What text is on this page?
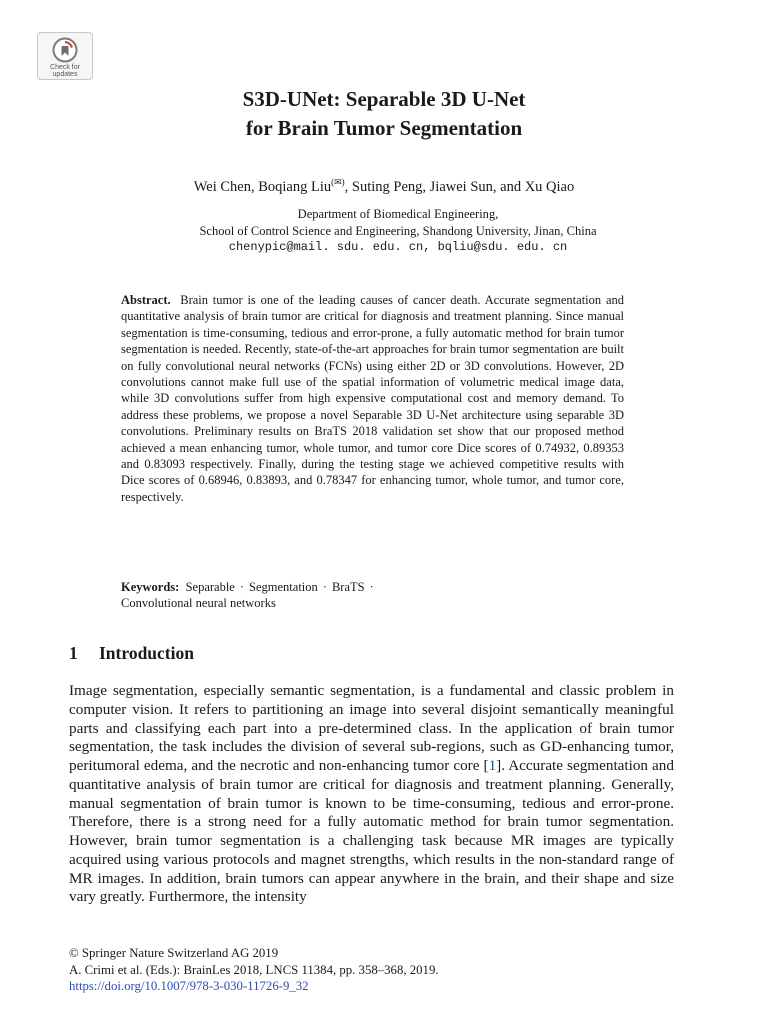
Check for updates
S3D-UNet: Separable 3D U-Net
for Brain Tumor Segmentation
Wei Chen, Boqiang Liu(✉), Suting Peng, Jiawei Sun, and Xu Qiao
Department of Biomedical Engineering,
School of Control Science and Engineering, Shandong University, Jinan, China
chenypic@mail. sdu. edu. cn, bqliu@sdu. edu. cn

Abstract. Brain tumor is one of the leading causes of cancer death. Accurate segmentation and quantitative analysis of brain tumor are critical for diagnosis and treatment planning. Since manual segmentation is time-consuming, tedious and error-prone, a fully automatic method for brain tumor segmentation is needed. Recently, state-of-the-art approaches for brain tumor segmentation are built on fully convolutional neural networks (FCNs) using either 2D or 3D convolutions. However, 2D convolutions cannot make full use of the spatial information of volumetric medical image data, while 3D convolutions suffer from high expensive computational cost and memory demand. To address these problems, we propose a novel Separable 3D U-Net architecture using separable 3D convolutions. Preliminary results on BraTS 2018 validation set show that our proposed method achieved a mean enhancing tumor, whole tumor, and tumor core Dice scores of 0.74932, 0.89353 and 0.83093 respectively. Finally, during the testing stage we achieved competitive results with Dice scores of 0.68946, 0.83893, and 0.78347 for enhancing tumor, whole tumor, and tumor core, respectively.

Keywords: Separable · Segmentation · BraTS ·
Convolutional neural networks

1 Introduction

Image segmentation, especially semantic segmentation, is a fundamental and classic problem in computer vision. It refers to partitioning an image into several disjoint semantically meaningful parts and classifying each part into a pre-determined class. In the application of brain tumor segmentation, the task includes the division of several sub-regions, such as GD-enhancing tumor, peritumoral edema, and the necrotic and non-enhancing tumor core [1]. Accurate segmentation and quantitative analysis of brain tumor are critical for diagnosis and treatment planning. Generally, manual segmentation of brain tumor is known to be time-consuming, tedious and error-prone. Therefore, there is a strong need for a fully automatic method for brain tumor segmentation. However, brain tumor segmentation is a challenging task because MR images are typically acquired using various protocols and magnet strengths, which results in the non-standard range of MR images. In addition, brain tumors can appear anywhere in the brain, and their shape and size vary greatly. Furthermore, the intensity

© Springer Nature Switzerland AG 2019
A. Crimi et al. (Eds.): BrainLes 2018, LNCS 11384, pp. 358–368, 2019.
https://doi.org/10.1007/978-3-030-11726-9_32
